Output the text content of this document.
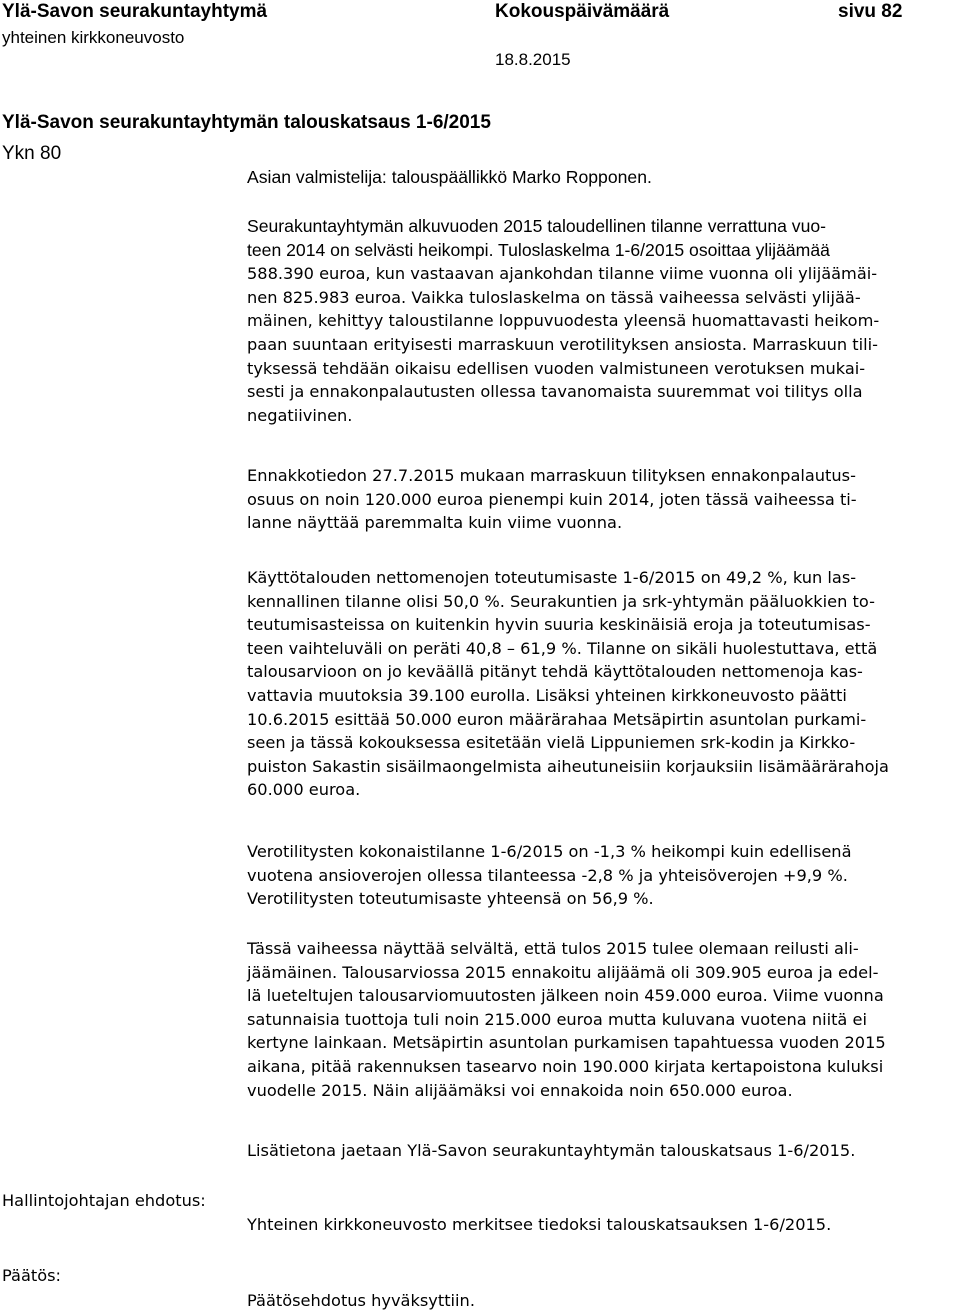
Ylä-Savon seurakuntayhtymä
yhteinen kirkkoneuvosto
Kokouspäivämäärä
18.8.2015
sivu 82
Ylä-Savon seurakuntayhtymän talouskatsaus 1-6/2015
Ykn 80
Asian valmistelija: talouspäällikkö Marko Ropponen.
Seurakuntayhtymän alkuvuoden 2015 taloudellinen tilanne verrattuna vuo-
teen 2014 on selvästi heikompi. Tuloslaskelma 1-6/2015 osoittaa ylijäämää
588.390 euroa, kun vastaavan ajankohdan tilanne viime vuonna oli ylijäämäi-
nen 825.983 euroa. Vaikka tuloslaskelma on tässä vaiheessa selvästi ylijää-
mäinen, kehittyy taloustilanne loppuvuodesta yleensä huomattavasti heikom-
paan suuntaan erityisesti marraskuun verotilityksen ansiosta. Marraskuun tili-
tyksessä tehdään oikaisu edellisen vuoden valmistuneen verotuksen mukai-
sesti ja ennakonpalautusten ollessa tavanomaista suuremmat voi tilitys olla
negatiivinen.
Ennakkotiedon 27.7.2015 mukaan marraskuun tilityksen ennakonpalautus-
osuus on noin 120.000 euroa pienempi kuin 2014, joten tässä vaiheessa ti-
lanne näyttää paremmalta kuin viime vuonna.
Käyttötalouden nettomenojen toteutumisaste 1-6/2015 on 49,2 %, kun las-
kennallinen tilanne olisi 50,0 %. Seurakuntien ja srk-yhtymän pääluokkien to-
teutumisasteissa on kuitenkin hyvin suuria keskinäisiä eroja ja toteutumisas-
teen vaihteluväli on peräti 40,8 – 61,9 %. Tilanne on sikäli huolestuttava, että
talousarvioon on jo keväällä pitänyt tehdä käyttötalouden nettomenoja kas-
vattavia muutoksia 39.100 eurolla. Lisäksi yhteinen kirkkoneuvosto päätti
10.6.2015 esittää 50.000 euron määrärahaa Metsäpirtin asuntolan purkami-
seen ja tässä kokouksessa esitetään vielä Lippuniemen srk-kodin ja Kirkko-
puiston Sakastin sisäilmaongelmista aiheutuneisiin korjauksiin lisämäärärahoja
60.000 euroa.
Verotilitysten kokonaistilanne 1-6/2015 on -1,3 % heikompi kuin edellisenä
vuotena ansioverojen ollessa tilanteessa -2,8 % ja yhteisöverojen +9,9 %.
Verotilitysten toteutumisaste yhteensä on 56,9 %.
Tässä vaiheessa näyttää selvältä, että tulos 2015 tulee olemaan reilusti ali-
jäämäinen. Talousarviossa 2015 ennakoitu alijäämä oli 309.905 euroa ja edel-
lä lueteltujen talousarviomuutosten jälkeen noin 459.000 euroa. Viime vuonna
satunnaisia tuottoja tuli noin 215.000 euroa mutta kuluvana vuotena niitä ei
kertyne lainkaan. Metsäpirtin asuntolan purkamisen tapahtuessa vuoden 2015
aikana, pitää rakennuksen tasearvo noin 190.000 kirjata kertapoistona kuluksi
vuodelle 2015. Näin alijäämäksi voi ennakoida noin 650.000 euroa.
Lisätietona jaetaan Ylä-Savon seurakuntayhtymän talouskatsaus 1-6/2015.
Hallintojohtajan ehdotus:
Yhteinen kirkkoneuvosto merkitsee tiedoksi talouskatsauksen 1-6/2015.
Päätös:
Päätösehdotus hyväksyttiin.
